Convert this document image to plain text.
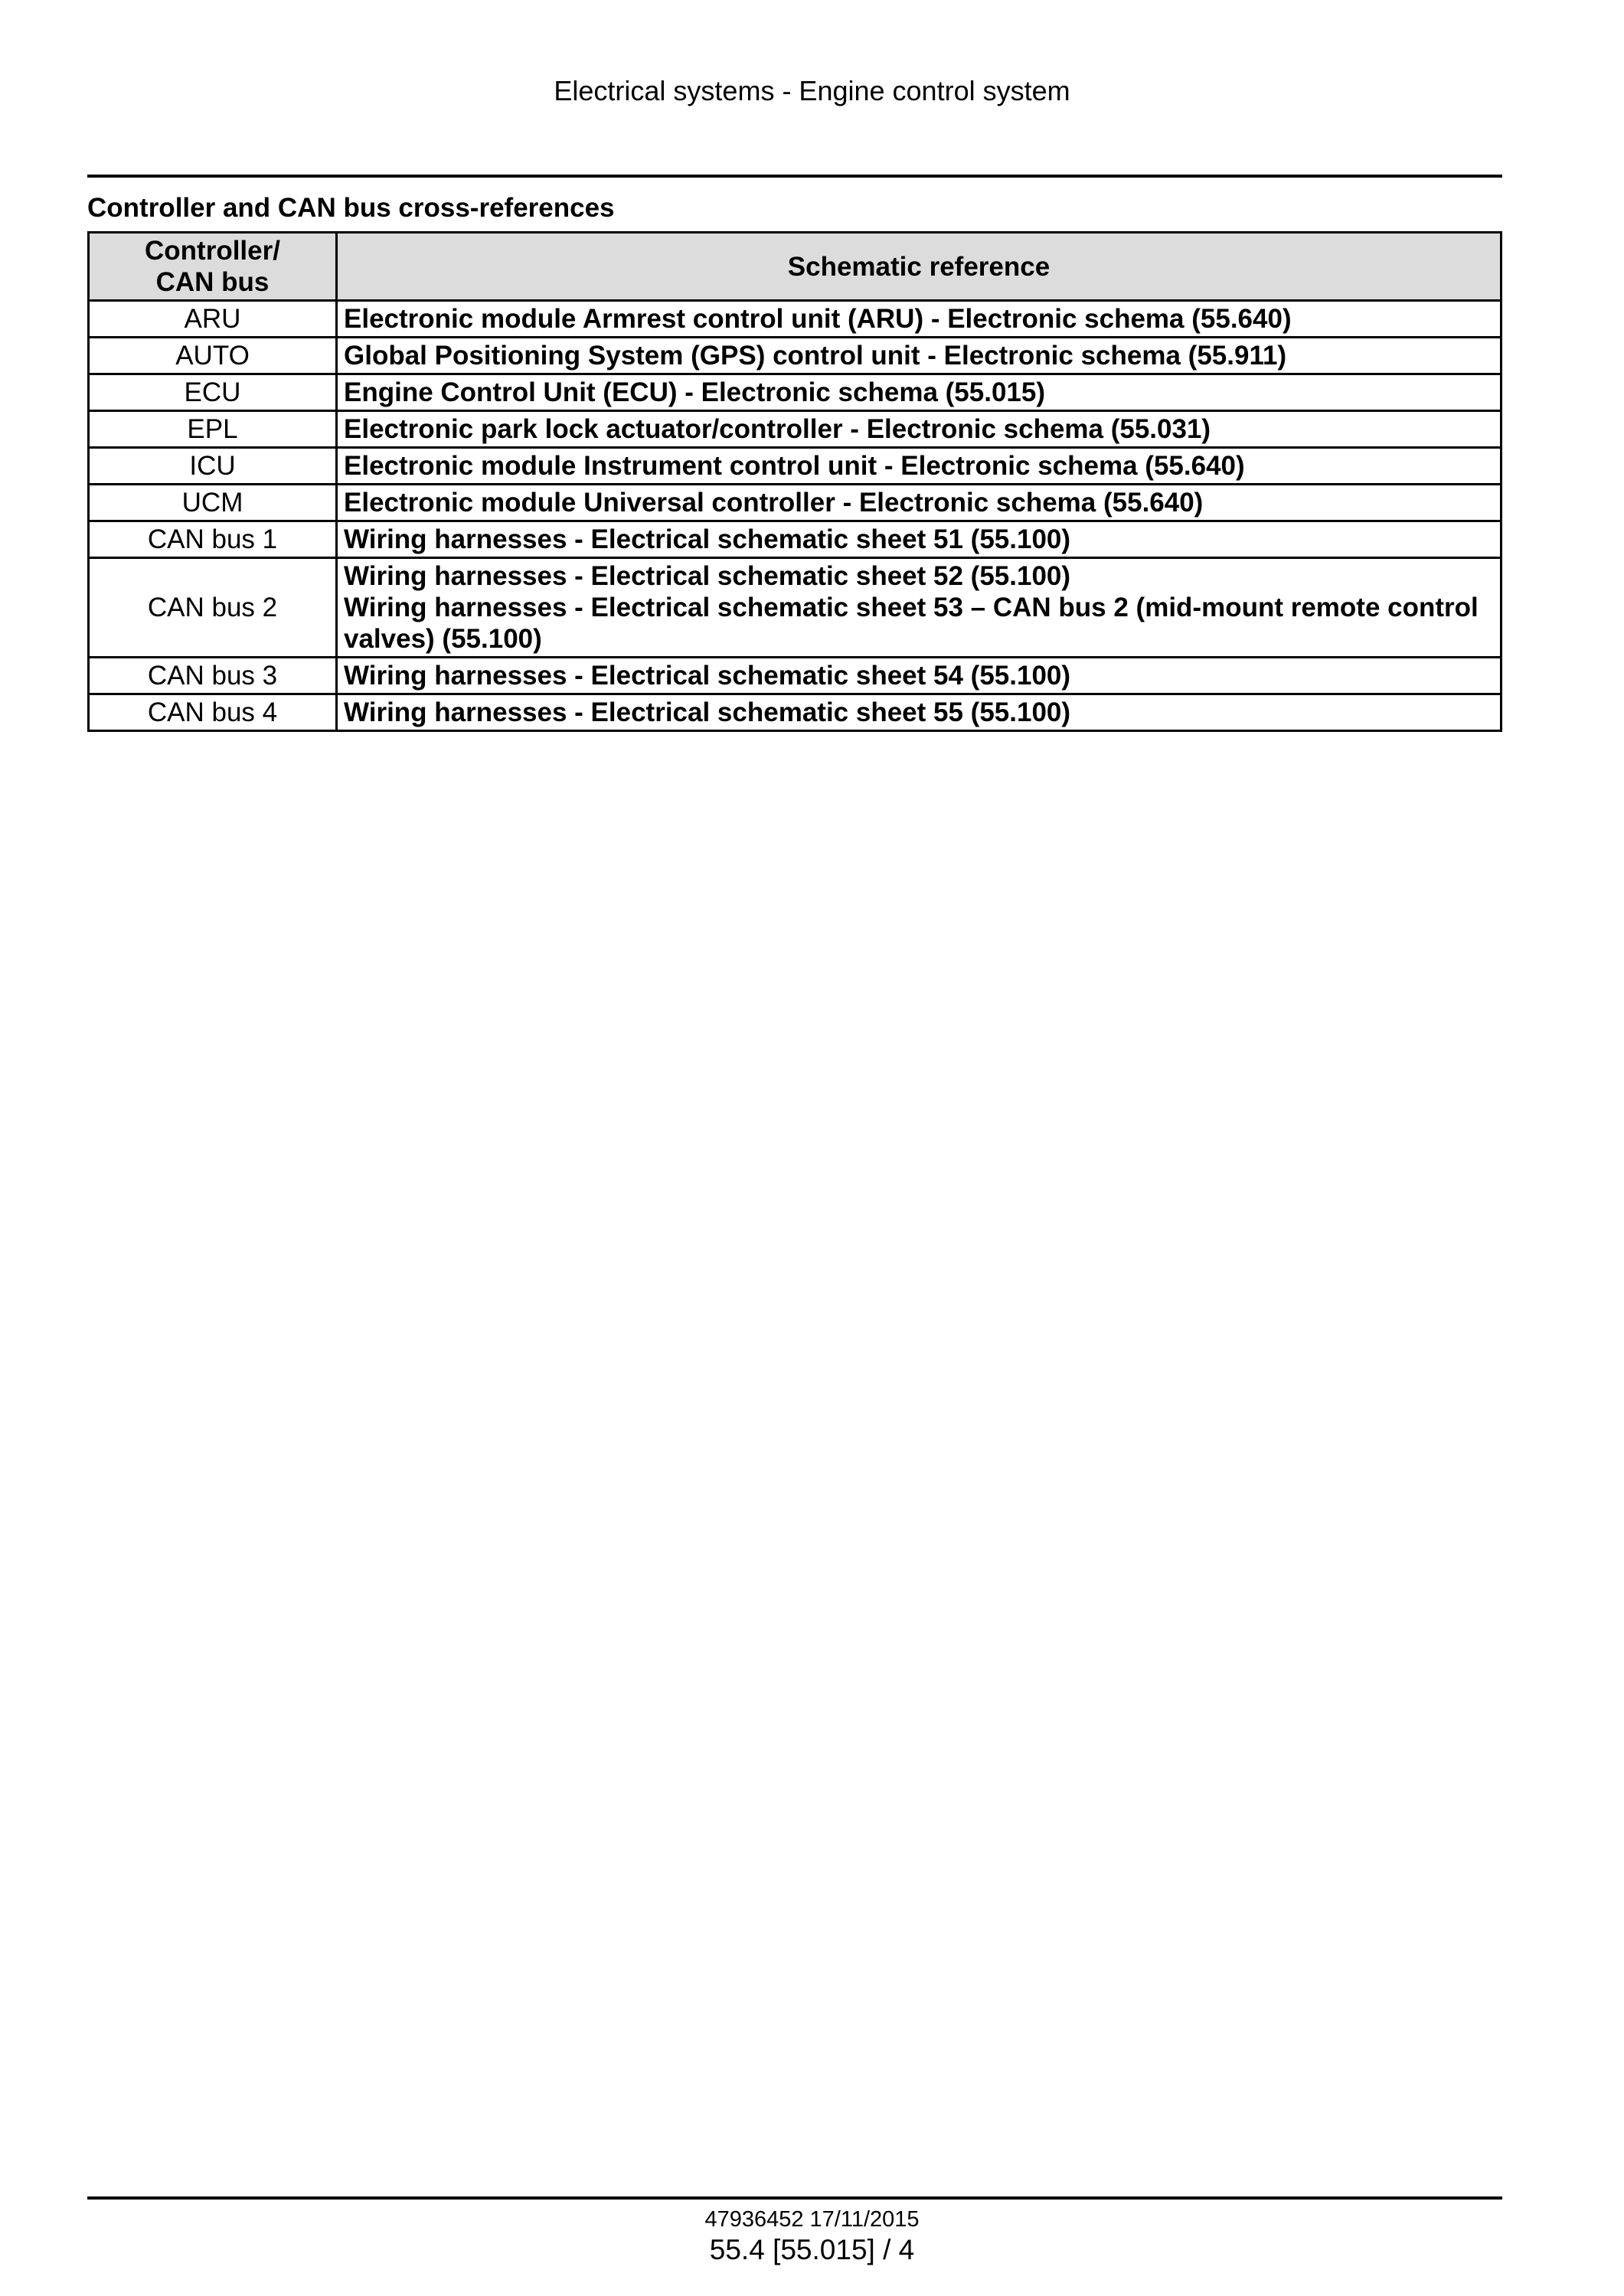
Electrical systems - Engine control system
Controller and CAN bus cross-references
Controller/
CAN bus	Schematic reference
ARU	Electronic module Armrest control unit (ARU) - Electronic schema (55.640)

AUTO	Global Positioning System (GPS) control unit - Electronic schema (55.911)

ECU	Engine Control Unit (ECU) - Electronic schema (55.015)

EPL	Electronic park lock actuator/controller - Electronic schema (55.031)

ICU	Electronic module Instrument control unit - Electronic schema (55.640)

UCM	Electronic module Universal controller - Electronic schema (55.640)

CAN bus 1	Wiring harnesses - Electrical schematic sheet 51 (55.100)

CAN bus 2	Wiring harnesses - Electrical schematic sheet 52 (55.100)
Wiring harnesses - Electrical schematic sheet 53 – CAN bus 2 (mid-mount remote control valves) (55.100)

CAN bus 3	Wiring harnesses - Electrical schematic sheet 54 (55.100)

CAN bus 4	Wiring harnesses - Electrical schematic sheet 55 (55.100)
47936452 17/11/2015
55.4 [55.015] / 4
